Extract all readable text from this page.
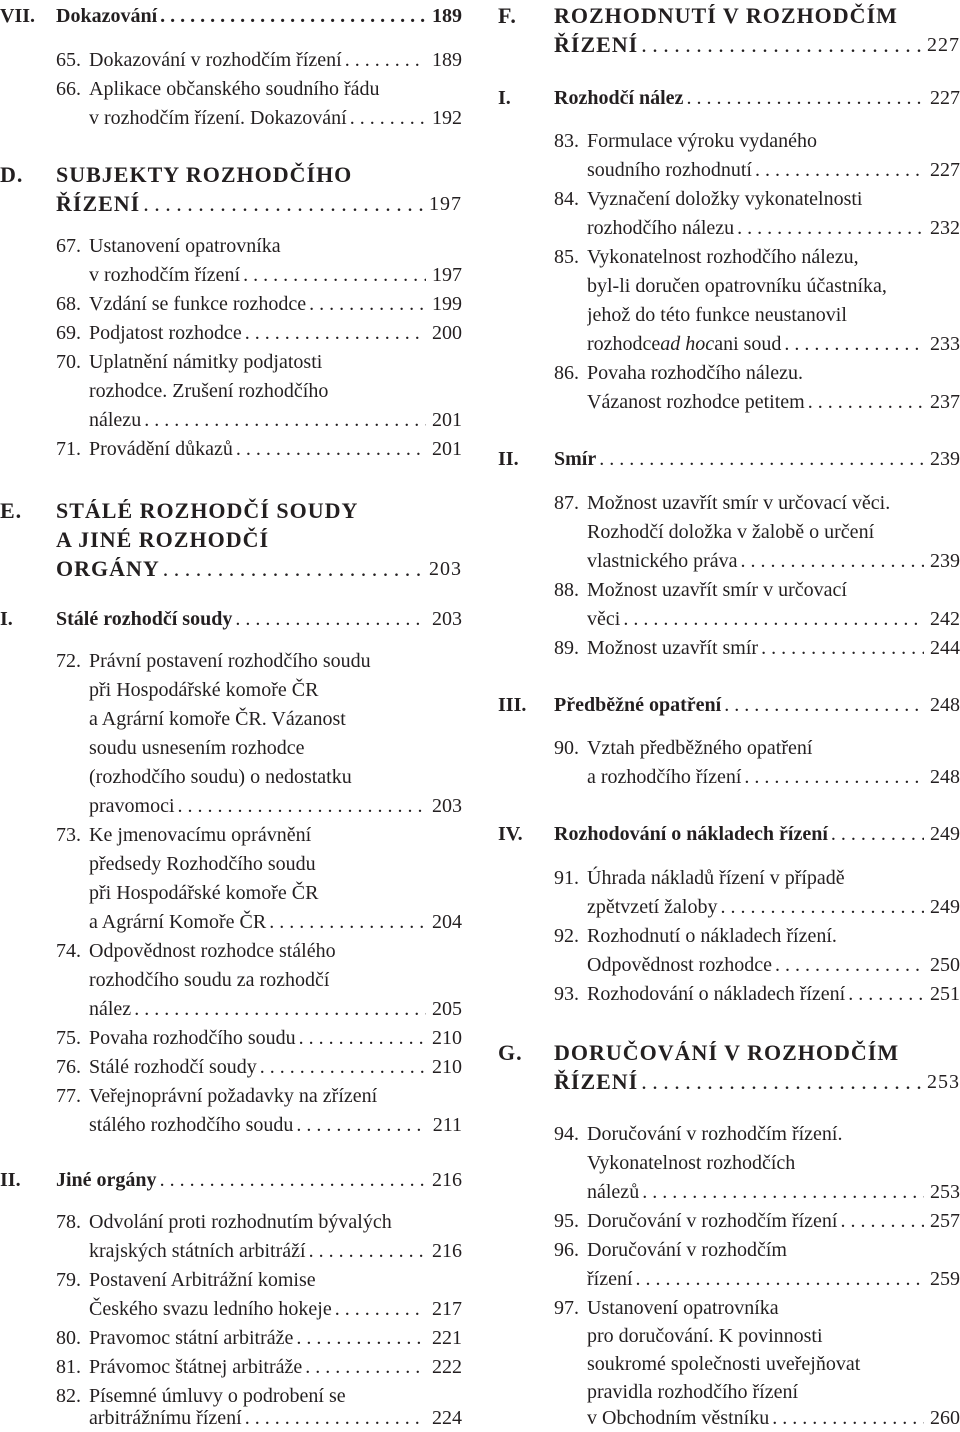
VII. Dokazování . . .	189
65. Dokazování v rozhodčím řízení . . .	189
66. Aplikace občanského soudního řádu
v rozhodčím řízení. Dokazování . . .	192
D. SUBJEKTY ROZHODČÍHO
ŘÍZENÍ . . .	197
67. Ustanovení opatrovníka
v rozhodčím řízení . . .	197
68. Vzdání se funkce rozhodce . . .	199
69. Podjatost rozhodce . . .	200
70. Uplatnění námitky podjatosti
rozhodce. Zrušení rozhodčího
nálezu . . .	201
71. Provádění důkazů . . .	201
E. STÁLÉ ROZHODČÍ SOUDY
A JINÉ ROZHODČÍ
ORGÁNY . . .	203
I. Stálé rozhodčí soudy . . .	203
72. Právní postavení rozhodčího soudu
při Hospodářské komoře ČR
a Agrární komoře ČR. Vázanost
soudu usnesením rozhodce
(rozhodčího soudu) o nedostatku
pravomoci . . .	203
73. Ke jmenovacímu oprávnění
předsedy Rozhodčího soudu
při Hospodářské komoře ČR
a Agrární Komoře ČR . . .	204
74. Odpovědnost rozhodce stálého
rozhodčího soudu za rozhodčí
nález . . .	205
75. Povaha rozhodčího soudu . . .	210
76. Stálé rozhodčí soudy . . .	210
77. Veřejnoprávní požadavky na zřízení
stálého rozhodčího soudu . . .	211
II. Jiné orgány . . .	216
78. Odvolání proti rozhodnutím bývalých
krajských státních arbitráží . . .	216
79. Postavení Arbitrážní komise
Českého svazu ledního hokeje . . .	217
80. Pravomoc státní arbitráže . . .	221
81. Právomoc štátnej arbitráže . . .	222
82. Písemné úmluvy o podrobení se
arbitrážnímu řízení . . .	224
F. ROZHODNUTÍ V ROZHODČÍM
ŘÍZENÍ . . .	227
I. Rozhodčí nález . . .	227
83. Formulace výroku vydaného
soudního rozhodnutí . . .	227
84. Vyznačení doložky vykonatelnosti
rozhodčího nálezu . . .	232
85. Vykonatelnost rozhodčího nálezu,
byl-li doručen opatrovníku účastníka,
jehož do této funkce neustanovil
rozhodce ad hoc ani soud . . .	233
86. Povaha rozhodčího nálezu.
Vázanost rozhodce petitem . . .	237
II. Smír . . .	239
87. Možnost uzavřít smír v určovací věci.
Rozhodčí doložka v žalobě o určení
vlastnického práva . . .	239
88. Možnost uzavřít smír v určovací
věci . . .	242
89. Možnost uzavřít smír . . .	244
III. Předběžné opatření . . .	248
90. Vztah předběžného opatření
a rozhodčího řízení . . .	248
IV. Rozhodování o nákladech řízení . . .	249
91. Úhrada nákladů řízení v případě
zpětvzetí žaloby . . .	249
92. Rozhodnutí o nákladech řízení.
Odpovědnost rozhodce . . .	250
93. Rozhodování o nákladech řízení . . .	251
G. DORUČOVÁNÍ V ROZHODČÍM
ŘÍZENÍ . . .	253
94. Doručování v rozhodčím řízení.
Vykonatelnost rozhodčích
nálezů . . .	253
95. Doručování v rozhodčím řízení . . .	257
96. Doručování v rozhodčím
řízení . . .	259
97. Ustanovení opatrovníka
pro doručování. K povinnosti
soukromé společnosti uveřejňovat
pravidla rozhodčího řízení
v Obchodním věstníku . . .	260
